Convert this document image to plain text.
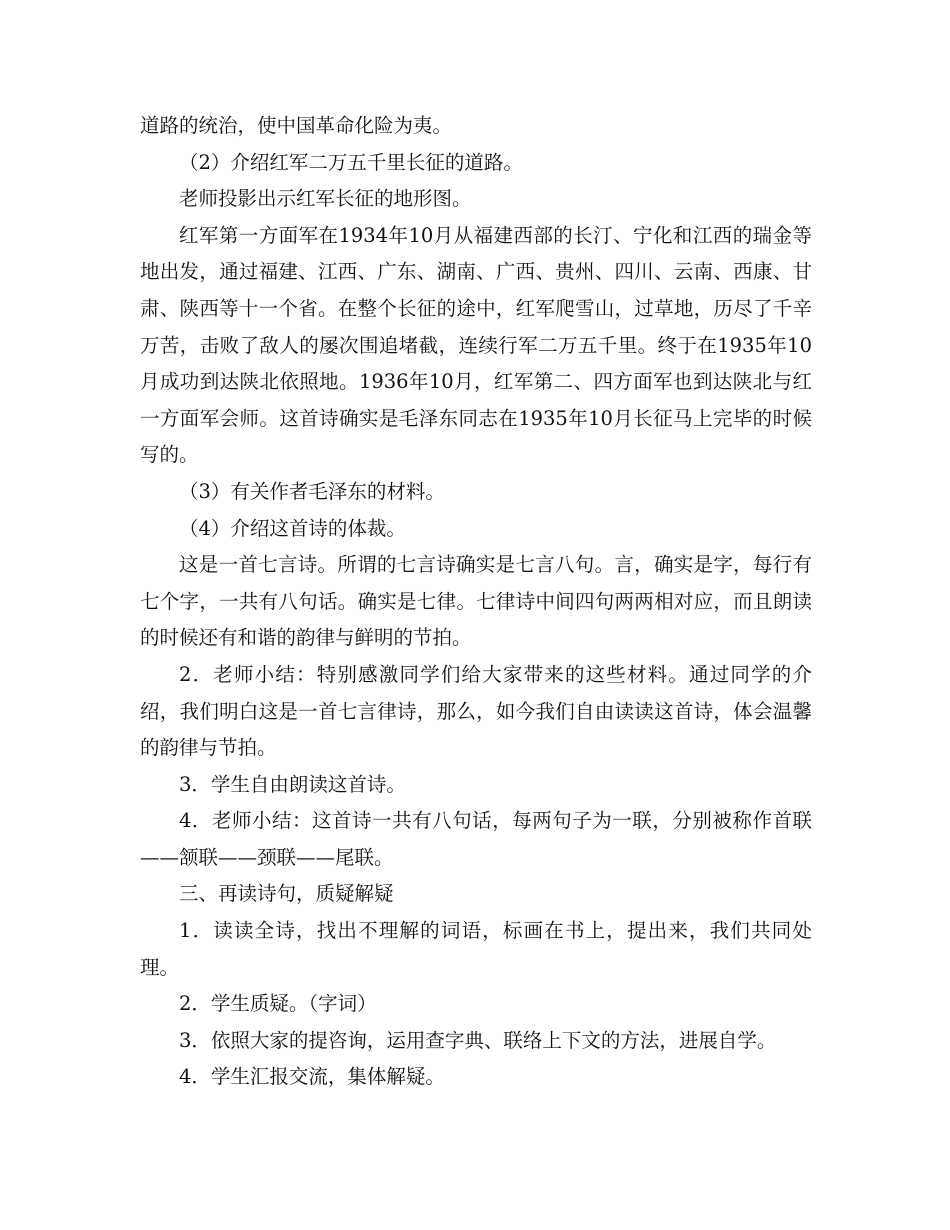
道路的统治，使中国革命化险为夷。

（2）介绍红军二万五千里长征的道路。

老师投影出示红军长征的地形图。

红军第一方面军在1934年10月从福建西部的长汀、宁化和江西的瑞金等地出发，通过福建、江西、广东、湖南、广西、贵州、四川、云南、西康、甘肃、陕西等十一个省。在整个长征的途中，红军爬雪山，过草地，历尽了千辛万苦，击败了敌人的屡次围追堵截，连续行军二万五千里。终于在1935年10月成功到达陕北依照地。1936年10月，红军第二、四方面军也到达陕北与红一方面军会师。这首诗确实是毛泽东同志在1935年10月长征马上完毕的时候写的。

（3）有关作者毛泽东的材料。

（4）介绍这首诗的体裁。

这是一首七言诗。所谓的七言诗确实是七言八句。言，确实是字，每行有七个字，一共有八句话。确实是七律。七律诗中间四句两两相对应，而且朗读的时候还有和谐的韵律与鲜明的节拍。

2．老师小结：特别感激同学们给大家带来的这些材料。通过同学的介绍，我们明白这是一首七言律诗，那么，如今我们自由读读这首诗，体会温馨的韵律与节拍。

3．学生自由朗读这首诗。

4．老师小结：这首诗一共有八句话，每两句子为一联，分别被称作首联——颔联——颈联——尾联。

三、再读诗句，质疑解疑

1．读读全诗，找出不理解的词语，标画在书上，提出来，我们共同处理。

2．学生质疑。（字词）

3．依照大家的提咨询，运用查字典、联络上下文的方法，进展自学。

4．学生汇报交流，集体解疑。
